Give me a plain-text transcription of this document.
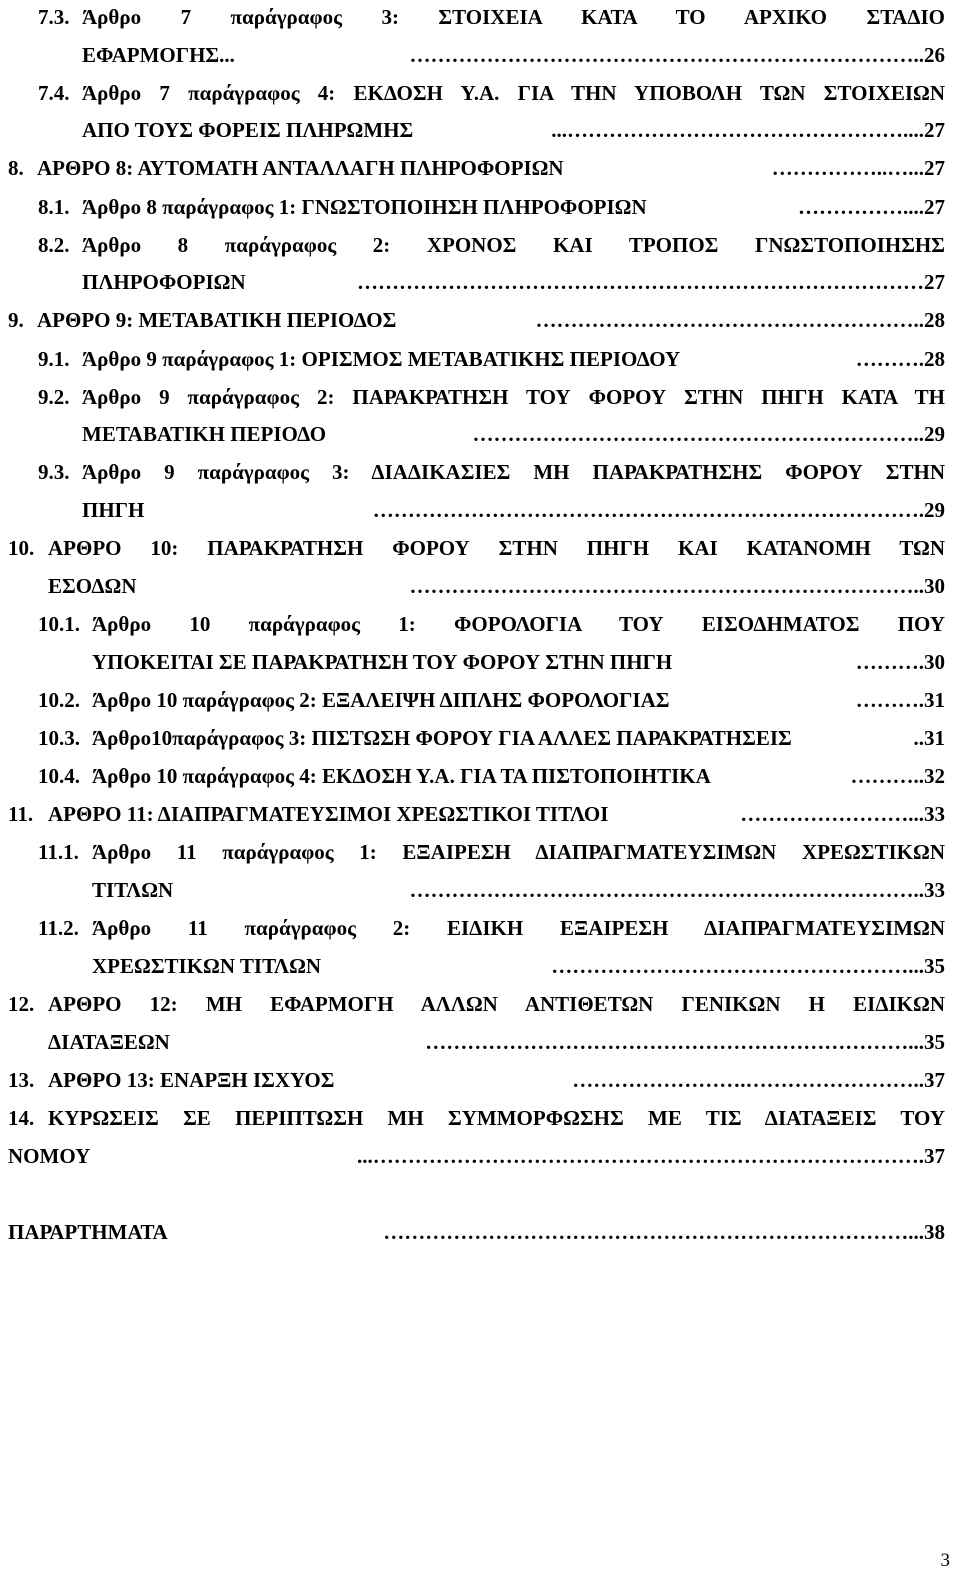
7.3. Άρθρο 7 παράγραφος 3: ΣΤΟΙΧΕΙΑ ΚΑΤΑ ΤΟ ΑΡΧΙΚΟ ΣΤΑΔΙΟ
ΕΦΑΡΜΟΓΗΣ...	……………………………………………………………….. 26
7.4. Άρθρο 7 παράγραφος 4: ΕΚΔΟΣΗ Υ.Α. ΓΙΑ ΤΗΝ ΥΠΟΒΟΛΗ ΤΩΝ ΣΤΟΙΧΕΙΩΝ
ΑΠΟ ΤΟΥΣ ΦΟΡΕΙΣ ΠΛΗΡΩΜΗΣ	...………………………………………….... 27
8. ΑΡΘΡΟ 8: ΑΥΤΟΜΑΤΗ ΑΝΤΑΛΛΑΓΗ ΠΛΗΡΟΦΟΡΙΩΝ	……………..…... 27
8.1. Άρθρο 8 παράγραφος 1: ΓΝΩΣΤΟΠΟΙΗΣΗ ΠΛΗΡΟΦΟΡΙΩΝ	…………….... 27
8.2. Άρθρο 8 παράγραφος 2: ΧΡΟΝΟΣ ΚΑΙ ΤΡΟΠΟΣ ΓΝΩΣΤΟΠΟΙΗΣΗΣ
ΠΛΗΡΟΦΟΡΙΩΝ	……………………………………………………………………… 27
9. ΑΡΘΡΟ 9: ΜΕΤΑΒΑΤΙΚΗ ΠΕΡΙΟΔΟΣ	……………………………………………….. 28
9.1. Άρθρο 9 παράγραφος 1: ΟΡΙΣΜΟΣ ΜΕΤΑΒΑΤΙΚΗΣ ΠΕΡΙΟΔΟΥ	………. 28
9.2. Άρθρο 9 παράγραφος 2: ΠΑΡΑΚΡΑΤΗΣΗ ΤΟΥ ΦΟΡΟΥ ΣΤΗΝ ΠΗΓΗ ΚΑΤΑ ΤΗ
ΜΕΤΑΒΑΤΙΚΗ ΠΕΡΙΟΔΟ	……………………………………………………….. 29
9.3. Άρθρο 9 παράγραφος 3: ΔΙΑΔΙΚΑΣΙΕΣ ΜΗ ΠΑΡΑΚΡΑΤΗΣΗΣ ΦΟΡΟΥ ΣΤΗΝ
ΠΗΓΗ	……………………………………………………………………. 29
10. ΑΡΘΡΟ 10: ΠΑΡΑΚΡΑΤΗΣΗ ΦΟΡΟΥ ΣΤΗΝ ΠΗΓΗ ΚΑΙ ΚΑΤΑΝΟΜΗ ΤΩΝ
ΕΣΟΔΩΝ	……………………………………………………………….. 30
10.1. Άρθρο 10 παράγραφος 1: ΦΟΡΟΛΟΓΙΑ ΤΟΥ ΕΙΣΟΔΗΜΑΤΟΣ ΠΟΥ
ΥΠΟΚΕΙΤΑΙ ΣΕ ΠΑΡΑΚΡΑΤΗΣΗ ΤΟΥ ΦΟΡΟΥ ΣΤΗΝ ΠΗΓΗ	………. 30
10.2. Άρθρο 10 παράγραφος 2: ΕΞΑΛΕΙΨΗ ΔΙΠΛΗΣ ΦΟΡΟΛΟΓΙΑΣ	………. 31
10.3. Άρθρο10παράγραφος 3: ΠΙΣΤΩΣΗ ΦΟΡΟΥ ΓΙΑ ΑΛΛΕΣ ΠΑΡΑΚΡΑΤΗΣΕΙΣ	.. 31
10.4. Άρθρο 10 παράγραφος 4: ΕΚΔΟΣΗ Υ.Α. ΓΙΑ ΤΑ ΠΙΣΤΟΠΟΙΗΤΙΚΑ	……….. 32
11. ΑΡΘΡΟ 11: ΔΙΑΠΡΑΓΜΑΤΕΥΣΙΜΟΙ ΧΡΕΩΣΤΙΚΟΙ ΤΙΤΛΟΙ	……………………... 33
11.1. Άρθρο 11 παράγραφος 1: ΕΞΑΙΡΕΣΗ ΔΙΑΠΡΑΓΜΑΤΕΥΣΙΜΩΝ ΧΡΕΩΣΤΙΚΩΝ
ΤΙΤΛΩΝ	……………………………………………………………….. 33
11.2. Άρθρο 11 παράγραφος 2: ΕΙΔΙΚΗ ΕΞΑΙΡΕΣΗ ΔΙΑΠΡΑΓΜΑΤΕΥΣΙΜΩΝ
ΧΡΕΩΣΤΙΚΩΝ ΤΙΤΛΩΝ	……………………………………………... 35
12. ΑΡΘΡΟ 12: ΜΗ ΕΦΑΡΜΟΓΗ ΑΛΛΩΝ ΑΝΤΙΘΕΤΩΝ ΓΕΝΙΚΩΝ Η ΕΙΔΙΚΩΝ
ΔΙΑΤΑΞΕΩΝ	……………………………………………………………... 35
13. ΑΡΘΡΟ 13: ΕΝΑΡΞΗ ΙΣΧΥΟΣ	…………………….…………………….. 37
14. ΚΥΡΩΣΕΙΣ ΣΕ ΠΕΡΙΠΤΩΣΗ ΜΗ ΣΥΜΜΟΡΦΩΣΗΣ ΜΕ ΤΙΣ ΔΙΑΤΑΞΕΙΣ ΤΟΥ
ΝΟΜΟΥ	...……………………………………………………………………. 37
ΠΑΡΑΡΤΗΜΑΤΑ	…………………………………………………………………... 38
3
